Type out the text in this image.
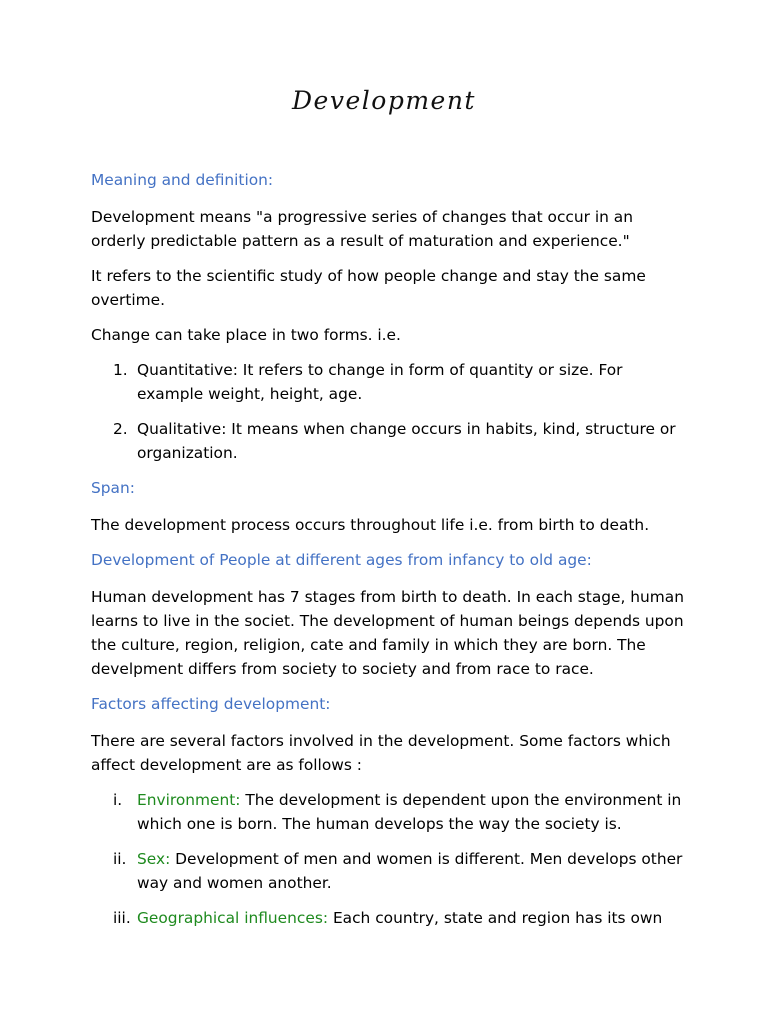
Development
Meaning and definition:

Development means "a progressive series of changes that occur in an orderly predictable pattern as a result of maturation and experience."

It refers to the scientific study of how people change and stay the same overtime.

Change can take place in two forms. i.e.

1. Quantitative: It refers to change in form of quantity or size. For example weight, height, age.
2. Qualitative: It means when change occurs in habits, kind, structure or organization.
Span:

The development process occurs throughout life i.e. from birth to death.

Development of People at different ages from infancy to old age:

Human development has 7 stages from birth to death. In each stage, human learns to live in the societ. The development of human beings depends upon the culture, region, religion, cate and family in which they are born. The develpment differs from society to society and from race to race.

Factors affecting development:

There are several factors involved in the development. Some factors which affect development are as follows :

i. Environment: The development is dependent upon the environment in which one is born. The human develops the way the society is.
ii. Sex: Development of men and women is different. Men develops other way and women another.
iii. Geographical influences: Each country, state and region has its own
